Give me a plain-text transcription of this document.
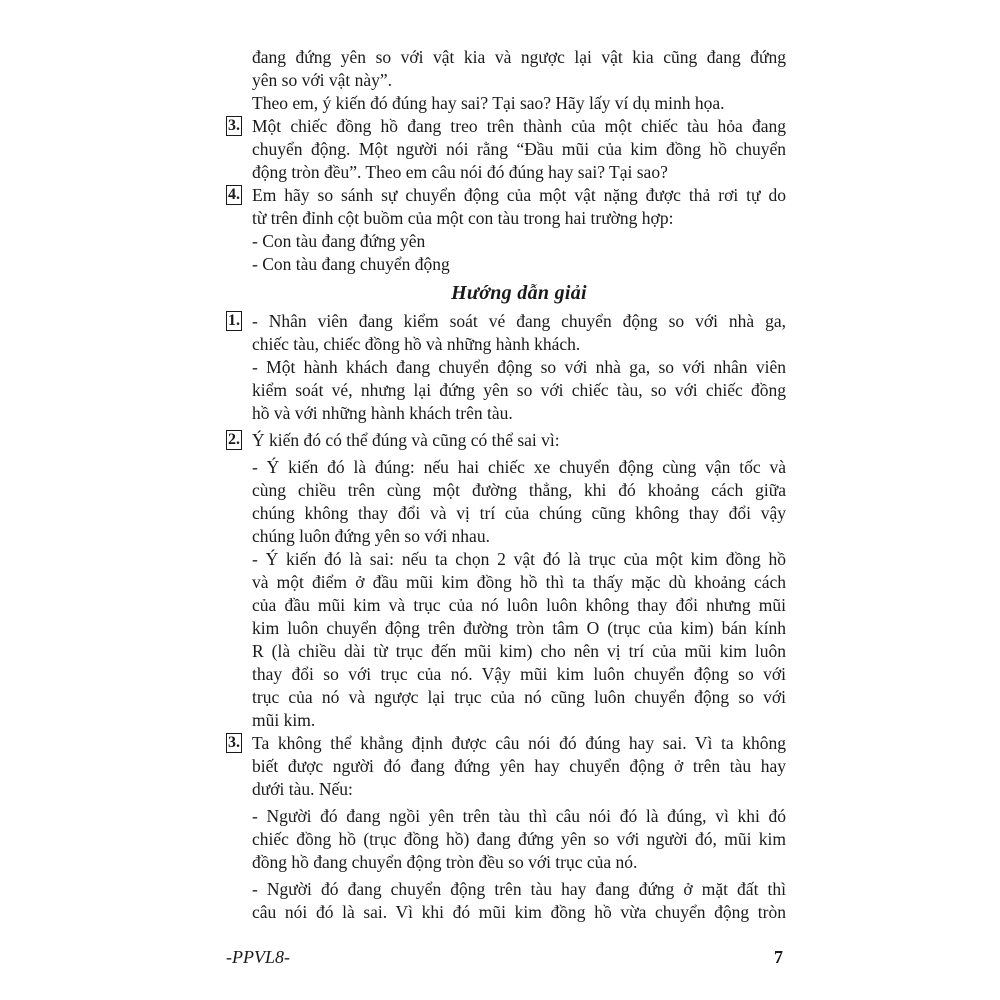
đang đứng yên so với vật kia và ngược lại vật kia cũng đang đứng
yên so với vật này”.
Theo em, ý kiến đó đúng hay sai? Tại sao? Hãy lấy ví dụ minh họa.
3. Một chiếc đồng hồ đang treo trên thành của một chiếc tàu hỏa đang
chuyển động. Một người nói rằng “Đầu mũi của kim đồng hồ chuyển
động tròn đều”. Theo em câu nói đó đúng hay sai? Tại sao?
4. Em hãy so sánh sự chuyển động của một vật nặng được thả rơi tự do
từ trên đỉnh cột buồm của một con tàu trong hai trường hợp:
- Con tàu đang đứng yên
- Con tàu đang chuyển động
Hướng dẫn giải
1. - Nhân viên đang kiểm soát vé đang chuyển động so với nhà ga,
chiếc tàu, chiếc đồng hồ và những hành khách.
- Một hành khách đang chuyển động so với nhà ga, so với nhân viên
kiểm soát vé, nhưng lại đứng yên so với chiếc tàu, so với chiếc đồng
hồ và với những hành khách trên tàu.
2. Ý kiến đó có thể đúng và cũng có thể sai vì:
- Ý kiến đó là đúng: nếu hai chiếc xe chuyển động cùng vận tốc và
cùng chiều trên cùng một đường thẳng, khi đó khoảng cách giữa
chúng không thay đổi và vị trí của chúng cũng không thay đổi vậy
chúng luôn đứng yên so với nhau.
- Ý kiến đó là sai: nếu ta chọn 2 vật đó là trục của một kim đồng hồ
và một điểm ở đầu mũi kim đồng hồ thì ta thấy mặc dù khoảng cách
của đầu mũi kim và trục của nó luôn luôn không thay đổi nhưng mũi
kim luôn chuyển động trên đường tròn tâm O (trục của kim) bán kính
R (là chiều dài từ trục đến mũi kim) cho nên vị trí của mũi kim luôn
thay đổi so với trục của nó. Vậy mũi kim luôn chuyển động so với
trục của nó và ngược lại trục của nó cũng luôn chuyển động so với
mũi kim.
3. Ta không thể khẳng định được câu nói đó đúng hay sai. Vì ta không
biết được người đó đang đứng yên hay chuyển động ở trên tàu hay
dưới tàu. Nếu:
- Người đó đang ngồi yên trên tàu thì câu nói đó là đúng, vì khi đó
chiếc đồng hồ (trục đồng hồ) đang đứng yên so với người đó, mũi kim
đồng hồ đang chuyển động tròn đều so với trục của nó.
- Người đó đang chuyển động trên tàu hay đang đứng ở mặt đất thì
câu nói đó là sai. Vì khi đó mũi kim đồng hồ vừa chuyển động tròn
-PPVL8-	7
